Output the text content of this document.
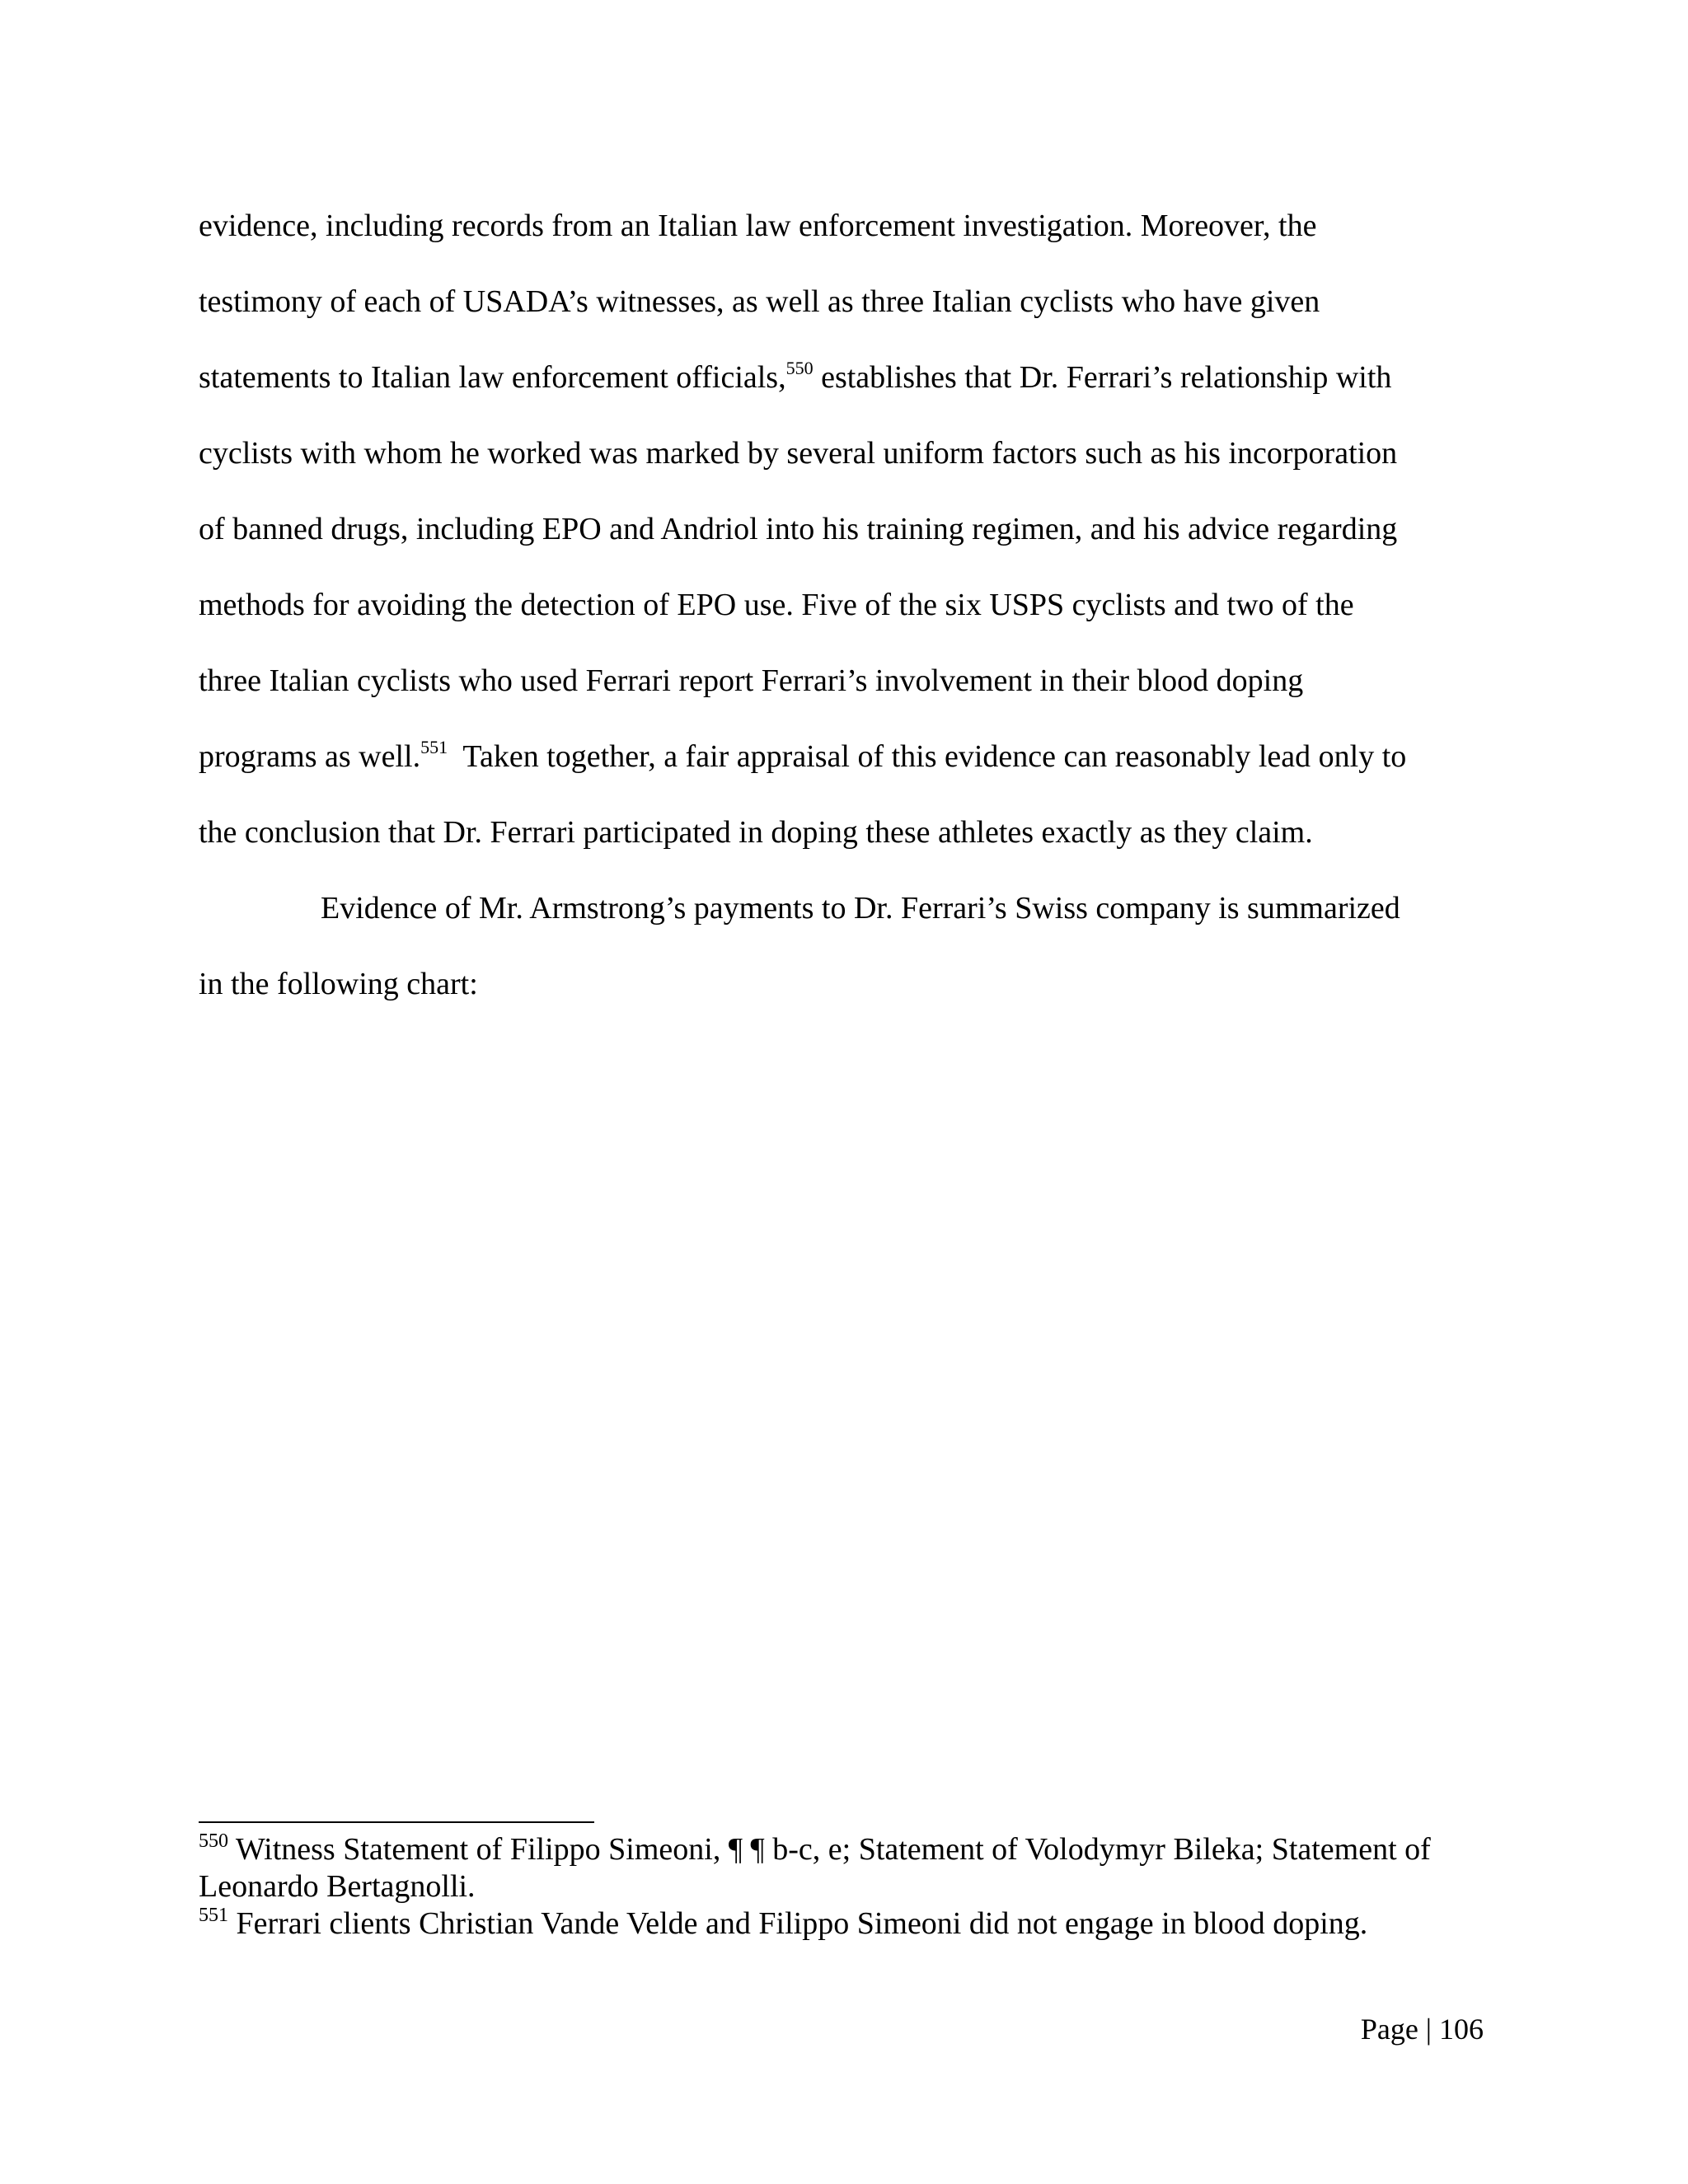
evidence, including records from an Italian law enforcement investigation. Moreover, the
testimony of each of USADA’s witnesses, as well as three Italian cyclists who have given
statements to Italian law enforcement officials,$^{550}$ establishes that Dr. Ferrari’s relationship with
cyclists with whom he worked was marked by several uniform factors such as his incorporation
of banned drugs, including EPO and Andriol into his training regimen, and his advice regarding
methods for avoiding the detection of EPO use. Five of the six USPS cyclists and two of the
three Italian cyclists who used Ferrari report Ferrari’s involvement in their blood doping
programs as well.$^{551}$  Taken together, a fair appraisal of this evidence can reasonably lead only to
the conclusion that Dr. Ferrari participated in doping these athletes exactly as they claim.
Evidence of Mr. Armstrong’s payments to Dr. Ferrari’s Swiss company is summarized
in the following chart:

$^{550}$ Witness Statement of Filippo Simeoni, ¶ ¶ b-c, e; Statement of Volodymyr Bileka; Statement of Leonardo Bertagnolli.

$^{551}$ Ferrari clients Christian Vande Velde and Filippo Simeoni did not engage in blood doping.

Page | 106
